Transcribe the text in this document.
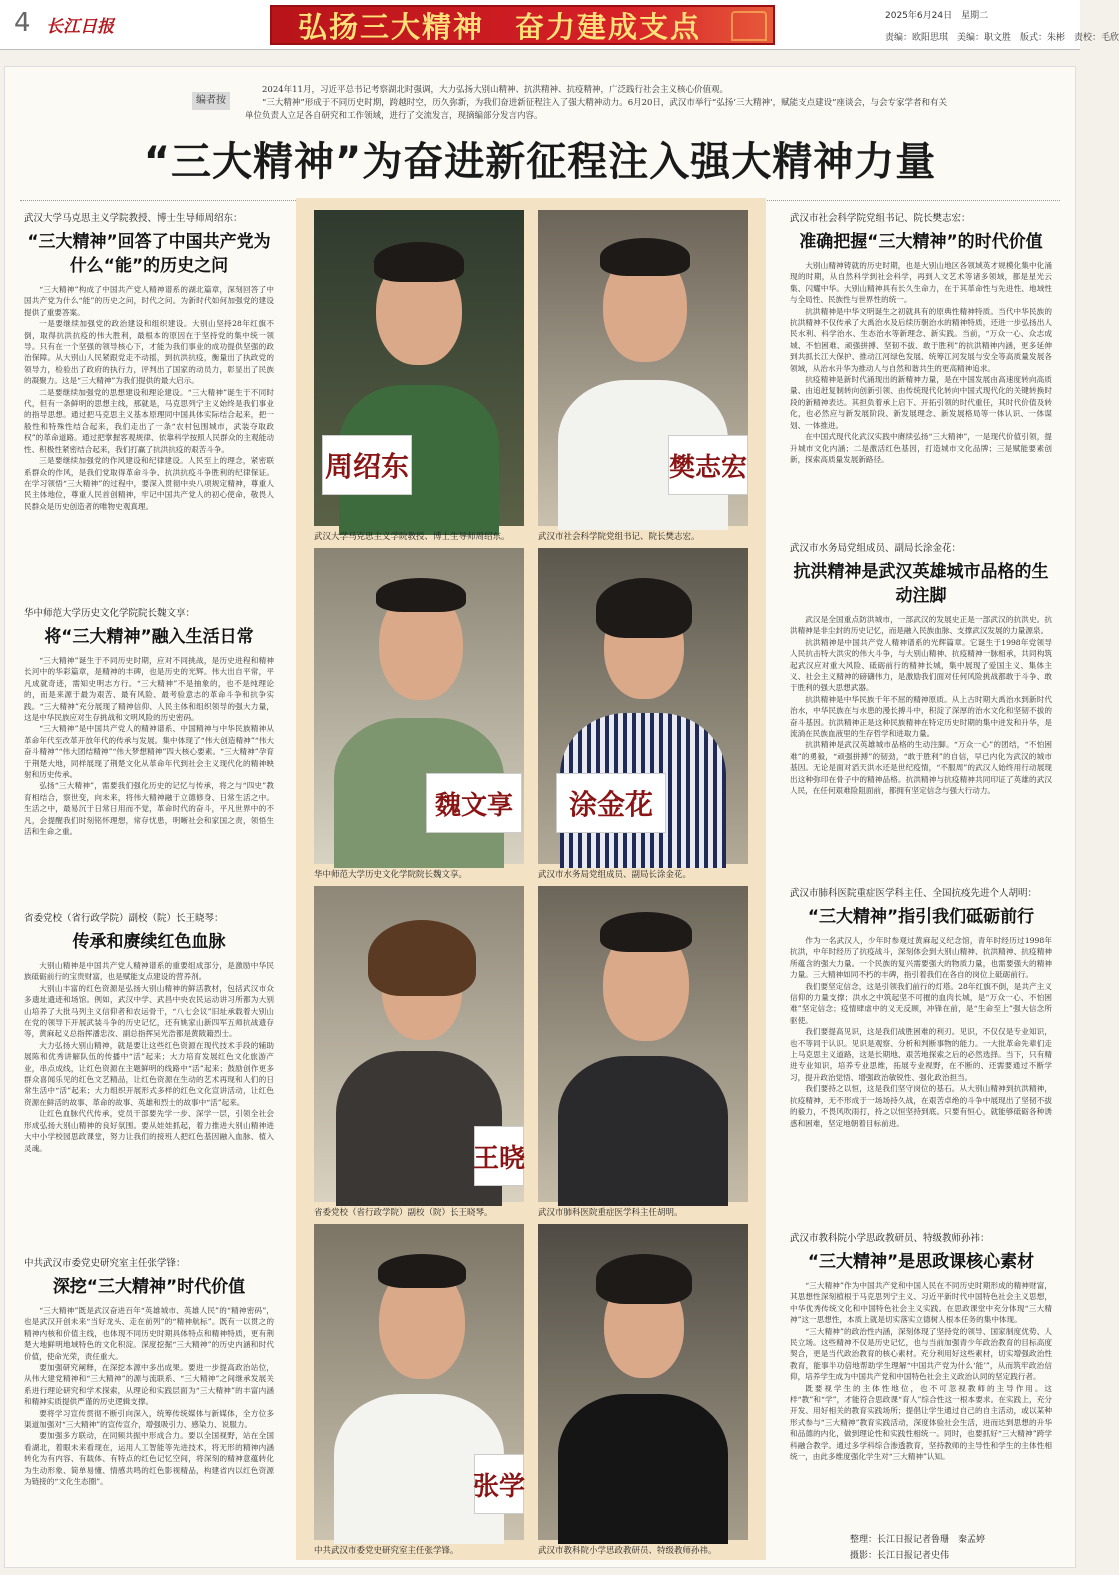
4 长江日报	弘扬三大精神　奋力建成支点	2025年6月24日　星期二
责编：欧阳思琪　美编：职文胜　版式：朱彬　责校：毛欣
编者按

2024年11月，习近平总书记考察湖北时强调，大力弘扬大别山精神、抗洪精神、抗疫精神，广泛践行社会主义核心价值观。

“三大精神”形成于不同历史时期，跨越时空，历久弥新，为我们奋进新征程注入了强大精神动力。6月20日，武汉市举行“弘扬‘三大精神’，赋能支点建设”座谈会，与会专家学者和有关单位负责人立足各自研究和工作领域，进行了交流发言，现摘编部分发言内容。

“三大精神”为奋进新征程注入强大精神力量
武汉大学马克思主义学院教授、博士生导师周绍东：
“三大精神”回答了中国共产党为什么“能”的历史之问

“三大精神”构成了中国共产党人精神谱系的湖北篇章，深刻回答了中国共产党为什么“能”的历史之问，时代之问。为新时代如何加强党的建设提供了重要答案。

一是要继续加强党的政治建设和组织建设。大别山坚持28年红旗不倒，取得抗洪抗疫的伟大胜利，最根本的原因在于坚持党的集中统一领导。只有在一个坚强的领导核心下，才能为我们事业的成功提供坚强的政治保障。从大别山人民紧跟党走不动摇，到抗洪抗疫，衡量出了执政党的领导力，检验出了政府的执行力，评判出了国家的动员力，彰显出了民族的凝聚力。这是“三大精神”为我们提供的最大启示。

二是要继续加强党的思想建设和理论建设。“三大精神”诞生于不同时代，但有一条鲜明的思想主线，那就是，马克思列宁主义始终是我们事业的指导思想。通过把马克思主义基本原理同中国具体实际结合起来，把一般性和特殊性结合起来，我们走出了一条“农村包围城市，武装夺取政权”的革命道路。通过把掌握客观规律、依靠科学按照人民群众的主观能动性、积极性紧密结合起来，我们打赢了抗洪抗疫的艰苦斗争。

三是要继续加强党的作风建设和纪律建设。人民至上的理念，紧密联系群众的作风，是我们党取得革命斗争、抗洪抗疫斗争胜利的纪律保证。在学习领悟“三大精神”的过程中，要深入贯彻中央八项规定精神，尊重人民主体地位，尊重人民首创精神，牢记中国共产党人的初心使命，敬畏人民群众是历史创造者的唯物史观真理。

华中师范大学历史文化学院院长魏文享：
将“三大精神”融入生活日常

“三大精神”诞生于不同历史时期，应对不同挑战，是历史进程和精神长河中的华彩篇章，是精神的丰碑，也是历史的光辉。伟大出自平常，平凡成就奇迹，需知史明志方行。“三大精神”不是抽象的，也不是纯理论的，而是来源于最为艰苦、最有风险、最考验意志的革命斗争和抗争实践。“三大精神”充分展现了精神信仰、人民主体和组织领导的强大力量，这是中华民族应对生存挑战和文明风险的历史密码。

“三大精神”是中国共产党人的精神谱系、中国精神与中华民族精神从革命年代至改革开放年代的传承与发展。集中体现了“伟大创造精神”“伟大奋斗精神”“伟大团结精神”“伟大梦想精神”四大核心要素。“三大精神”孕育于荆楚大地，同样展现了荆楚文化从革命年代到社会主义现代化的精神映射和历史传承。

弘扬“三大精神”，需要我们强化历史的记忆与传承，将之与“四史”教育相结合，察世变，向未来，将伟大精神融于立德修身、日常生活之中。生活之中，最易沉于日常日用而不觉，革命时代的奋斗，平凡世界中的不凡，会提醒我们时刻铭怀理想，常存忧患，明晰社会和家国之责，领悟生活和生命之重。

省委党校（省行政学院）副校（院）长王晓琴：
传承和赓续红色血脉

大别山精神是中国共产党人精神谱系的重要组成部分，是激励中华民族砥砺前行的宝贵财富，也是赋能支点建设的营养剂。

大别山丰富的红色资源是弘扬大别山精神的鲜活教材，包括武汉市众多遗址遗迹和场馆。例如，武汉中学、武昌中央农民运动讲习所都为大别山培养了大批马列主义信仰者和农运骨干，“八七会议”旧址承载着大别山在党的领导下开展武装斗争的历史记忆，还有姚家山新四军五师抗战遗存等，黄麻起义总指挥潘忠汝、副总指挥吴光浩都是黄陂籍烈士。

大力弘扬大别山精神，就是要让这些红色资源在现代技术手段的辅助展陈和优秀讲解队伍的传播中“活”起来；大力培育发展红色文化旅游产业，串点成线，让红色资源在主题鲜明的线路中“活”起来；鼓励创作更多群众喜闻乐见的红色文艺精品，让红色资源在生动的艺术再现和人们的日常生活中“活”起来；大力组织开展形式多样的红色文化宣讲活动，让红色资源在鲜活的故事、革命的故事、英雄和烈士的故事中“活”起来。

让红色血脉代代传承，党员干部要先学一步、深学一层，引领全社会形成弘扬大别山精神的良好氛围。要从娃娃抓起，着力推进大别山精神进大中小学校园思政课堂，努力让我们的接班人把红色基因融入血脉、植入灵魂。

中共武汉市委党史研究室主任张学锋：
深挖“三大精神”时代价值

“三大精神”既是武汉奋进百年“英雄城市、英雄人民”的“精神密码”，也是武汉开创未来“当好龙头、走在前列”的“精神航标”。既有一以贯之的精神内核和价值主线，也体现不同历史时期具体特点和精神特质，更有荆楚大地鲜明地域特色的文化积淀。深度挖掘“三大精神”的历史内涵和时代价值，使命光荣，责任重大。

要加强研究阐释，在深挖本源中多出成果。要进一步提高政治站位，从伟大建党精神和“三大精神”的源与流联系、“三大精神”之间继承发展关系进行理论研究和学术探索，从理论和实践层面为“三大精神”的丰富内涵和精神实质提供严谨的历史逻辑支撑。

要将学习宣传贯彻不断引向深入，统筹传统媒体与新媒体，全方位多渠道加强对“三大精神”的宣传宣介，增强吸引力、感染力、说服力。

要加强多方联动，在同频共振中形成合力。要以全国视野，站在全国看湖北，着眼未来看现在，运用人工智能等先进技术，将无形的精神内涵转化为有内容、有载体、有特点的红色记忆空间，将深刻的精神意蕴转化为生动形象、简单易懂、情感共鸣的红色影视精品，构建省内以红色资源为链接的“文化生态圈”。

周绍东
武汉大学马克思主义学院教授、博士生导师周绍东。
樊志宏
武汉市社会科学院党组书记、院长樊志宏。
魏文享
华中师范大学历史文化学院院长魏文享。
涂金花
武汉市水务局党组成员、副局长涂金花。
王晓
省委党校（省行政学院）副校（院）长王晓琴。	武汉市肺科医院重症医学科主任胡明。
张学
中共武汉市委党史研究室主任张学锋。	武汉市教科院小学思政教研员、特级教师孙祎。
武汉市社会科学院党组书记、院长樊志宏：
准确把握“三大精神”的时代价值

大别山精神铸就的历史时期，也是大别山地区各领域英才规模化集中化涌现的时期，从自然科学到社会科学，再到人文艺术等诸多领域，都是星光云集、闪耀中华。大别山精神具有长久生命力，在于其革命性与先进性、地域性与全局性、民族性与世界性的统一。

抗洪精神是中华文明诞生之初就具有的原典性精神特质。当代中华民族的抗洪精神不仅传承了大禹治水及后续历朝治水的精神特质，还进一步弘扬出人民水利、科学治水、生态治水等新理念、新实践。当前，“万众一心、众志成城、不怕困难、顽强拼搏、坚韧不拔、敢于胜利”的抗洪精神内涵，更多延伸到共抓长江大保护、推动江河绿色发展、统筹江河发展与安全等高质量发展各领域，从治水升华为推动人与自然和谐共生的更高精神追求。

抗疫精神是新时代涌现出的新精神力量，是在中国发展由高速度转向高质量、由追赶复制转向创新引领、由传统现代化转向中国式现代化的关键转换时段的新精神表达。其担负着承上启下、开拓引领的时代重任，其时代价值及转化，也必然应与新发展阶段、新发展理念、新发展格局等一体认识、一体谋划、一体推进。

在中国式现代化武汉实践中赓续弘扬“三大精神”，一是现代价值引领，提升城市文化内涵；二是激活红色基因，打造城市文化品牌；三是赋能要素创新，探索高质量发展新路径。

武汉市水务局党组成员、副局长涂金花：
抗洪精神是武汉英雄城市品格的生动注脚

武汉是全国重点防洪城市，一部武汉的发展史正是一部武汉的抗洪史。抗洪精神是非尘封的历史记忆，而是融入民族血脉、支撑武汉发展的力量源泉。

抗洪精神是中国共产党人精神谱系的光辉篇章。它诞生于1998年党领导人民抗击特大洪灾的伟大斗争，与大别山精神、抗疫精神一脉相承，共同构筑起武汉应对重大风险、砥砺前行的精神长城，集中展现了爱国主义、集体主义、社会主义精神的磅礴伟力，是激励我们面对任何风险挑战都敢于斗争、敢于胜利的强大思想武器。

抗洪精神是中华民族千年不屈的精神原质。从上古时期大禹治水到新时代治水，中华民族在与水患的漫长搏斗中，积淀了深厚的治水文化和坚韧不拔的奋斗基因。抗洪精神正是这种民族精神在特定历史时期的集中迸发和升华，是流淌在民族血液里的生存哲学和进取力量。

抗洪精神是武汉英雄城市品格的生动注脚。“万众一心”的团结，“不怕困难”的勇毅，“顽强拼搏”的韧劲，“敢于胜利”的自信，早已内化为武汉的城市基因。无论是面对滔天洪水还是世纪疫情，“不服周”的武汉人始终用行动展现出这种弥印在骨子中的精神品格。抗洪精神与抗疫精神共同印证了英雄的武汉人民，在任何艰难险阻面前，都拥有坚定信念与强大行动力。

武汉市肺科医院重症医学科主任、全国抗疫先进个人胡明：
“三大精神”指引我们砥砺前行

作为一名武汉人，少年时参观过黄麻起义纪念馆，青年时经历过1998年抗洪，中年时经历了抗疫战斗，深刻体会到大别山精神、抗洪精神、抗疫精神所蕴含的强大力量。一个民族的复兴需要强大的物质力量，也需要强大的精神力量。三大精神如同不朽的丰碑，指引着我们在各自的岗位上砥砺前行。

我们要坚定信念，这是引领我们前行的灯塔。28年红旗不倒，是共产主义信仰的力量支撑；洪水之中筑起坚不可摧的血肉长城，是“万众一心、不怕困难”坚定信念；疫情肆虐中的义无反顾，冲锋在前，是“生命至上”强大信念所驱使。

我们要提高见识，这是我们战胜困难的利刃。见识，不仅仅是专业知识，也不等同于认识。见识是观察、分析和判断事物的能力。一大批革命先辈们走上马克思主义道路，这是长期地、艰苦地探索之后的必然选择。当下，只有精进专业知识，培养专业思维，拓展专业视野，在不断的、还需要通过不断学习，提升政治觉悟、增强政治敏锐性、强化政治担当。

我们要持之以恒，这是我们坚守岗位的基石。从大别山精神到抗洪精神，抗疫精神，无不形成于一场场持久战，在艰苦卓绝的斗争中展现出了坚韧不拔的毅力，不畏风吹雨打，持之以恒坚持到底。只要有恒心，就能够砥砺各种诱惑和困难，坚定地朝着目标前进。

武汉市教科院小学思政教研员、特级教师孙祎：
“三大精神”是思政课核心素材

“三大精神”作为中国共产党和中国人民在不同历史时期形成的精神财富，其思想性深刻植根于马克思列宁主义、习近平新时代中国特色社会主义思想，中华优秀传统文化和中国特色社会主义实践。在思政课堂中充分体现“三大精神”这一思想性，本质上就是切实落实立德树人根本任务的集中体现。

“三大精神”的政治性内涵，深刻体现了坚持党的领导、国家制度优势、人民立场。这些精神不仅是历史记忆，也与当前加强青少年政治教育的目标高度契合，更是当代政治教育的核心素材。充分利用好这些素材，切实增强政治性教育，能事半功倍地帮助学生理解“中国共产党为什么‘能’”，从而筑牢政治信仰，培养学生成为中国共产党和中国特色社会主义政治认同的坚定践行者。

既要视学生的主体性地位，也不可忽视教师的主导作用。这样“教”和“学”，才能符合思政课“育人”综合性这一根本要求。在实践上，充分开发、用好相关的教育实践场所；提倡让学生通过自己的自主活动，或以某种形式参与“三大精神”教育实践活动，深度体验社会生活，进而达到思想的升华和品德的内化，做到理论性和实践性相统一。同时，也要抓好“三大精神”跨学科融合教学。通过多学科综合渗透教育，坚持教师的主导性和学生的主体性相统一，由此多维度强化学生对“三大精神”认知。

整理：长江日报记者鲁珊　秦孟婷
摄影：长江日报记者史伟
